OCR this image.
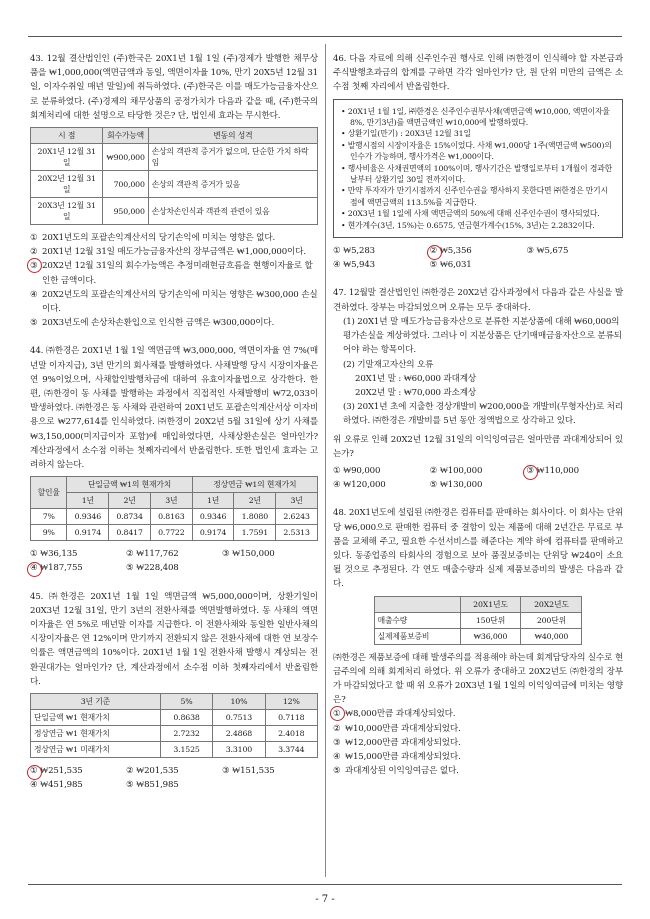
43. 12월 결산법인인 (주)한국은 20X1년 1월 1일 (주)경제가 발행한 채무상품을 ₩1,000,000(액면금액과 동일, 액면이자율 10%, 만기 20X5년 12월 31일, 이자수취일 매년 말일)에 취득하였다. (주)한국은 이를 매도가능금융자산으로 분류하였다. (주)경제의 채무상품의 공정가치가 다음과 같을 때, (주)한국의 회계처리에 대한 설명으로 타당한 것은? 단, 법인세 효과는 무시한다.
시 점	회수가능액	변동의 성격
20X1년 12월 31일	₩900,000	손상의 객관적 증거가 없으며, 단순한 가치 하락임
20X2년 12월 31일	700,000	손상의 객관적 증거가 있음
20X3년 12월 31일	950,000	손상차손인식과 객관적 관련이 있음
① 20X1년도의 포괄손익계산서의 당기손익에 미치는 영향은 없다.
② 20X1년 12월 31일 매도가능금융자산의 장부금액은 ₩1,000,000이다.
③ 20X2년 12월 31일의 회수가능액은 추정미래현금흐름을 현행이자율로 할인한 금액이다.
④ 20X2년도의 포괄손익계산서의 당기손익에 미치는 영향은 ₩300,000 손실이다.
⑤ 20X3년도에 손상차손환입으로 인식한 금액은 ₩300,000이다.
44. ㈜한경은 20X1년 1월 1일 액면금액 ₩3,000,000, 액면이자율 연 7%(매년말 이자지급), 3년 만기의 회사채를 발행하였다. 사채발행 당시 시장이자율은 연 9%이었으며, 사채할인발행차금에 대하여 유효이자율법으로 상각한다. 한편, ㈜한경이 동 사채를 발행하는 과정에서 직접적인 사채발행비 ₩72,033이 발생하였다. ㈜한경은 동 사채와 관련하여 20X1년도 포괄손익계산서상 이자비용으로 ₩277,614를 인식하였다. ㈜한경이 20X2년 5월 31일에 상기 사채를 ₩3,150,000(미지급이자 포함)에 매입하였다면, 사채상환손실은 얼마인가? 계산과정에서 소수점 이하는 첫째자리에서 반올림한다. 또한 법인세 효과는 고려하지 않는다.
할인율	단일금액 ₩1의 현재가치			정상연금 ₩1의 현재가치		
	1년	2년	3년	1년	2년	3년
7%	0.9346	0.8734	0.8163	0.9346	1.8080	2.6243
9%	0.9174	0.8417	0.7722	0.9174	1.7591	2.5313
① ₩36,135	② ₩117,762	③ ₩150,000
④ ₩187,755	⑤ ₩228,408
45. ㈜한경은 20X1년 1월 1일 액면금액 ₩5,000,000이며, 상환기일이 20X3년 12월 31일, 만기 3년의 전환사채를 액면발행하였다. 동 사채의 액면이자율은 연 5%로 매년말 이자를 지급한다. 이 전환사채와 동일한 일반사채의 시장이자율은 연 12%이며 만기까지 전환되지 않은 전환사채에 대한 연 보장수익률은 액면금액의 10%이다. 20X1년 1월 1일 전환사채 발행시 계상되는 전환권대가는 얼마인가? 단, 계산과정에서 소수점 이하 첫째자리에서 반올림한다.
3년 기준	5%	10%	12%
단일금액 ₩1 현재가치	0.8638	0.7513	0.7118
정상연금 ₩1 현재가치	2.7232	2.4868	2.4018
정상연금 ₩1 미래가치	3.1525	3.3100	3.3744
① ₩251,535	② ₩201,535	③ ₩151,535
④ ₩451,985	⑤ ₩851,985
46. 다음 자료에 의해 신주인수권 행사로 인해 ㈜한경이 인식해야 할 자본금과 주식발행초과금의 합계를 구하면 각각 얼마인가? 단, 원 단위 미만의 금액은 소수점 첫째 자리에서 반올림한다.
• 20X1년 1월 1일, ㈜한경은 신주인수권부사채(액면금액 ₩10,000, 액면이자율 8%, 만기3년)를 액면금액인 ₩10,000에 발행하였다.
• 상환기일(만기) : 20X3년 12월 31일
• 발행시점의 시장이자율은 15%이었다. 사채 ₩1,000당 1주(액면금액 ₩500)의 인수가 가능하며, 행사가격은 ₩1,000이다.
• 행사비율은 사채권면액의 100%이며, 행사기간은 발행일로부터 1개월이 경과한 날부터 상환기일 30일 전까지이다.
• 만약 투자자가 만기시점까지 신주인수권을 행사하지 못한다면 ㈜한경은 만기시점에 액면금액의 113.5%를 지급한다.
• 20X3년 1월 1일에 사채 액면금액의 50%에 대해 신주인수권이 행사되었다.
• 현가계수(3년, 15%)는 0.6575, 연금현가계수(15%, 3년)는 2.2832이다.
① ₩5,283	② ₩5,356	③ ₩5,675
④ ₩5,943	⑤ ₩6,031
47. 12월말 결산법인인 ㈜한경은 20X2년 감사과정에서 다음과 같은 사실을 발견하였다. 장부는 마감되었으며 오류는 모두 중대하다.
(1) 20X1년 말 매도가능금융자산으로 분류한 지분상품에 대해 ₩60,000의 평가손실을 계상하였다. 그러나 이 지분상품은 단기매매금융자산으로 분류되어야 하는 항목이다.
(2) 기말재고자산의 오류
20X1년 말 : ₩60,000 과대계상
20X2년 말 : ₩70,000 과소계상
(3) 20X1년 초에 지출한 경상개발비 ₩200,000을 개발비(무형자산)로 처리하였다. ㈜한경은 개발비를 5년 동안 정액법으로 상각하고 있다.
위 오류로 인해 20X2년 12월 31일의 이익잉여금은 얼마만큼 과대계상되어 있는가?
① ₩90,000	② ₩100,000	③ ₩110,000
④ ₩120,000	⑤ ₩130,000
48. 20X1년도에 설립된 ㈜한경은 컴퓨터를 판매하는 회사이다. 이 회사는 단위당 ₩6,000으로 판매한 컴퓨터 중 결함이 있는 제품에 대해 2년간은 무료로 부품을 교체해 주고, 필요한 수선서비스를 해준다는 계약 하에 컴퓨터를 판매하고 있다. 동종업종의 타회사의 경험으로 보아 품질보증비는 단위당 ₩240이 소요될 것으로 추정된다. 각 연도 매출수량과 실제 제품보증비의 발생은 다음과 같다.
	20X1년도	20X2년도
매출수량	150단위	200단위
실제제품보증비	₩36,000	₩40,000
㈜한경은 제품보증에 대해 발생주의를 적용해야 하는데 회계담당자의 실수로 현금주의에 의해 회계처리 하였다. 위 오류가 중대하고 20X2년도 ㈜한경의 장부가 마감되었다고 할 때 위 오류가 20X3년 1월 1일의 이익잉여금에 미치는 영향은?
① ₩8,000만큼 과대계상되었다.
② ₩10,000만큼 과대계상되었다.
③ ₩12,000만큼 과대계상되었다.
④ ₩15,000만큼 과대계상되었다.
⑤ 과대계상된 이익잉여금은 없다.
- 7 -
